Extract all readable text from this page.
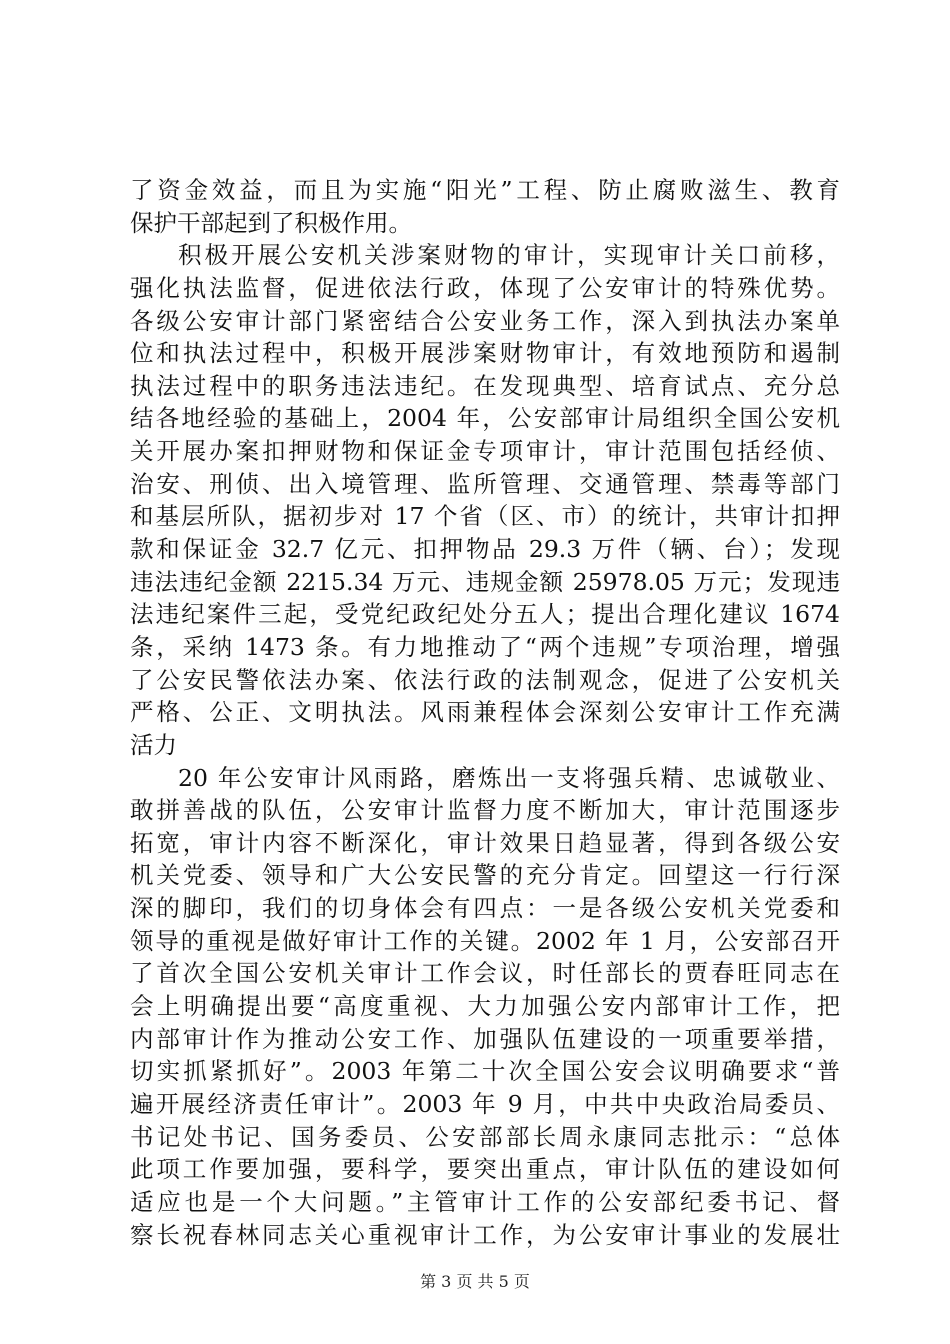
了资金效益，而且为实施“阳光”工程、防止腐败滋生、教育
保护干部起到了积极作用。
积极开展公安机关涉案财物的审计，实现审计关口前移，
强化执法监督，促进依法行政，体现了公安审计的特殊优势。
各级公安审计部门紧密结合公安业务工作，深入到执法办案单
位和执法过程中，积极开展涉案财物审计，有效地预防和遏制
执法过程中的职务违法违纪。在发现典型、培育试点、充分总
结各地经验的基础上，2004 年，公安部审计局组织全国公安机
关开展办案扣押财物和保证金专项审计，审计范围包括经侦、
治安、刑侦、出入境管理、监所管理、交通管理、禁毒等部门
和基层所队，据初步对 17 个省（区、市）的统计，共审计扣押
款和保证金 32.7 亿元、扣押物品 29.3 万件（辆、台）；发现
违法违纪金额 2215.34 万元、违规金额 25978.05 万元；发现违
法违纪案件三起，受党纪政纪处分五人；提出合理化建议 1674
条，采纳 1473 条。有力地推动了“两个违规”专项治理，增强
了公安民警依法办案、依法行政的法制观念，促进了公安机关
严格、公正、文明执法。风雨兼程体会深刻公安审计工作充满
活力
20 年公安审计风雨路，磨炼出一支将强兵精、忠诚敬业、
敢拼善战的队伍，公安审计监督力度不断加大，审计范围逐步
拓宽，审计内容不断深化，审计效果日趋显著，得到各级公安
机关党委、领导和广大公安民警的充分肯定。回望这一行行深
深的脚印，我们的切身体会有四点：一是各级公安机关党委和
领导的重视是做好审计工作的关键。2002 年 1 月，公安部召开
了首次全国公安机关审计工作会议，时任部长的贾春旺同志在
会上明确提出要“高度重视、大力加强公安内部审计工作，把
内部审计作为推动公安工作、加强队伍建设的一项重要举措，
切实抓紧抓好”。2003 年第二十次全国公安会议明确要求“普
遍开展经济责任审计”。2003 年 9 月，中共中央政治局委员、
书记处书记、国务委员、公安部部长周永康同志批示：“总体
此项工作要加强，要科学，要突出重点，审计队伍的建设如何
适应也是一个大问题。”主管审计工作的公安部纪委书记、督
察长祝春林同志关心重视审计工作，为公安审计事业的发展壮
第 3 页 共 5 页
